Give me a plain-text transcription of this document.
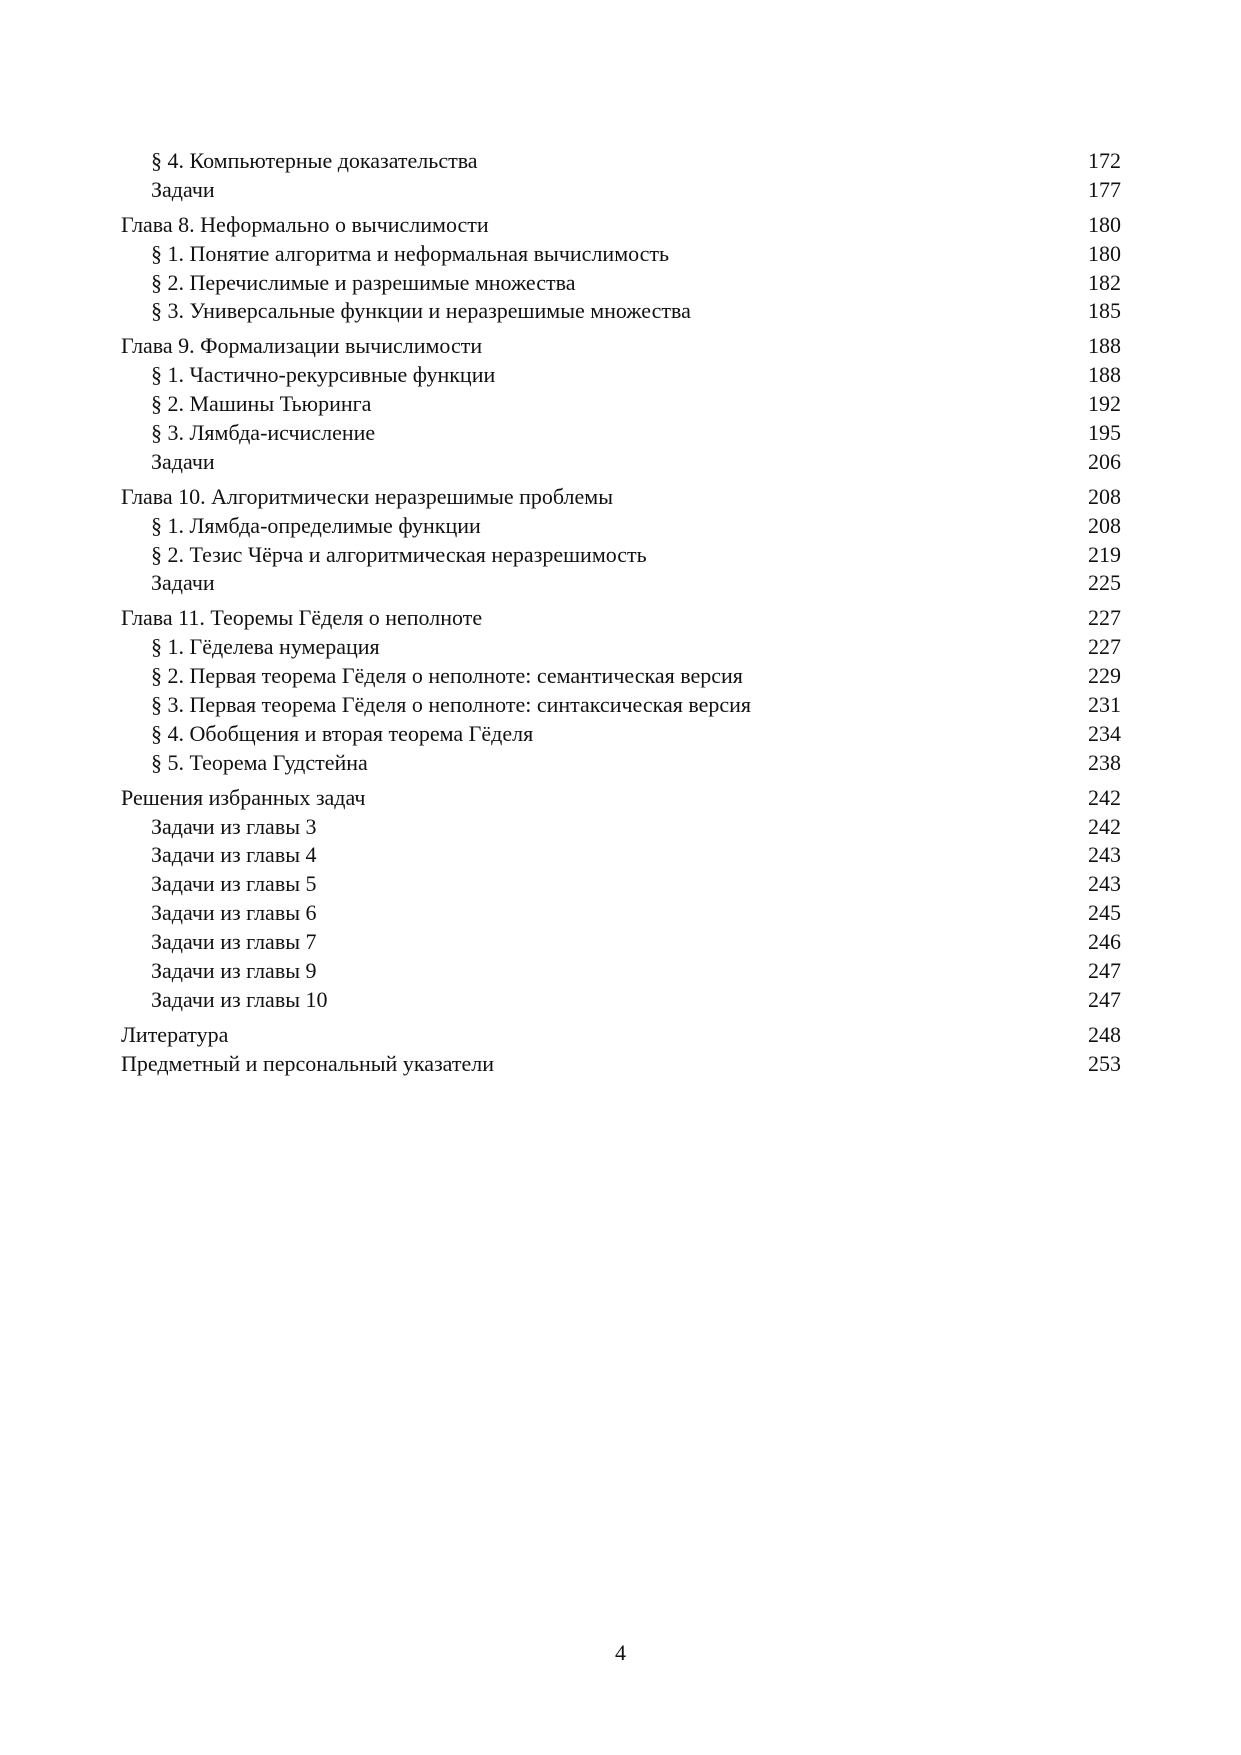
§ 4. Компьютерные доказательства	172
Задачи	177
Глава 8. Неформально о вычислимости	180
§ 1. Понятие алгоритма и неформальная вычислимость	180
§ 2. Перечислимые и разрешимые множества	182
§ 3. Универсальные функции и неразрешимые множества	185
Глава 9. Формализации вычислимости	188
§ 1. Частично-рекурсивные функции	188
§ 2. Машины Тьюринга	192
§ 3. Лямбда-исчисление	195
Задачи	206
Глава 10. Алгоритмически неразрешимые проблемы	208
§ 1. Лямбда-определимые функции	208
§ 2. Тезис Чёрча и алгоритмическая неразрешимость	219
Задачи	225
Глава 11. Теоремы Гёделя о неполноте	227
§ 1. Гёделева нумерация	227
§ 2. Первая теорема Гёделя о неполноте: семантическая версия	229
§ 3. Первая теорема Гёделя о неполноте: синтаксическая версия	231
§ 4. Обобщения и вторая теорема Гёделя	234
§ 5. Теорема Гудстейна	238
Решения избранных задач	242
Задачи из главы 3	242
Задачи из главы 4	243
Задачи из главы 5	243
Задачи из главы 6	245
Задачи из главы 7	246
Задачи из главы 9	247
Задачи из главы 10	247
Литература	248
Предметный и персональный указатели	253
4
